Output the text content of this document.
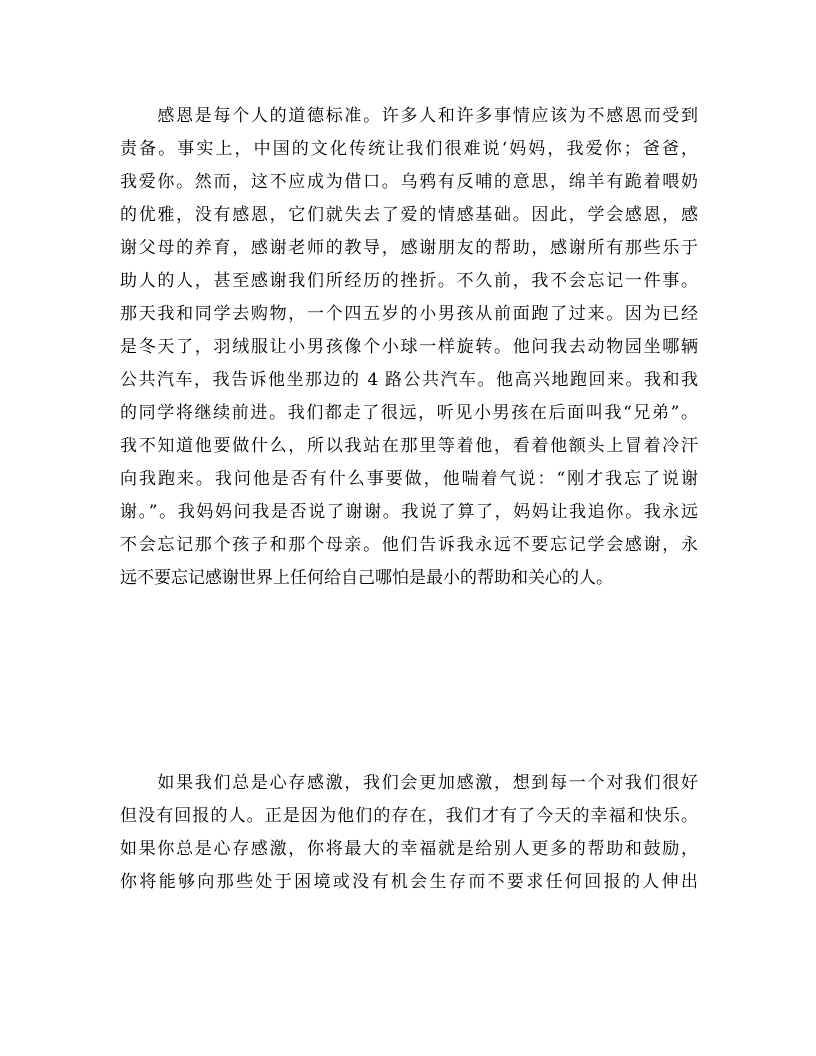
　　感恩是每个人的道德标准。许多人和许多事情应该为不感恩而受到
责备。事实上，中国的文化传统让我们很难说‘妈妈，我爱你；爸爸，
我爱你。然而，这不应成为借口。乌鸦有反哺的意思，绵羊有跪着喂奶
的优雅，没有感恩，它们就失去了爱的情感基础。因此，学会感恩，感
谢父母的养育，感谢老师的教导，感谢朋友的帮助，感谢所有那些乐于
助人的人，甚至感谢我们所经历的挫折。不久前，我不会忘记一件事。
那天我和同学去购物，一个四五岁的小男孩从前面跑了过来。因为已经
是冬天了，羽绒服让小男孩像个小球一样旋转。他问我去动物园坐哪辆
公共汽车，我告诉他坐那边的 4 路公共汽车。他高兴地跑回来。我和我
的同学将继续前进。我们都走了很远，听见小男孩在后面叫我“兄弟”。
我不知道他要做什么，所以我站在那里等着他，看着他额头上冒着冷汗
向我跑来。我问他是否有什么事要做，他喘着气说：“刚才我忘了说谢
谢。”。我妈妈问我是否说了谢谢。我说了算了，妈妈让我追你。我永远
不会忘记那个孩子和那个母亲。他们告诉我永远不要忘记学会感谢，永
远不要忘记感谢世界上任何给自己哪怕是最小的帮助和关心的人。
　　如果我们总是心存感激，我们会更加感激，想到每一个对我们很好
但没有回报的人。正是因为他们的存在，我们才有了今天的幸福和快乐。
如果你总是心存感激，你将最大的幸福就是给别人更多的帮助和鼓励，
你将能够向那些处于困境或没有机会生存而不要求任何回报的人伸出
